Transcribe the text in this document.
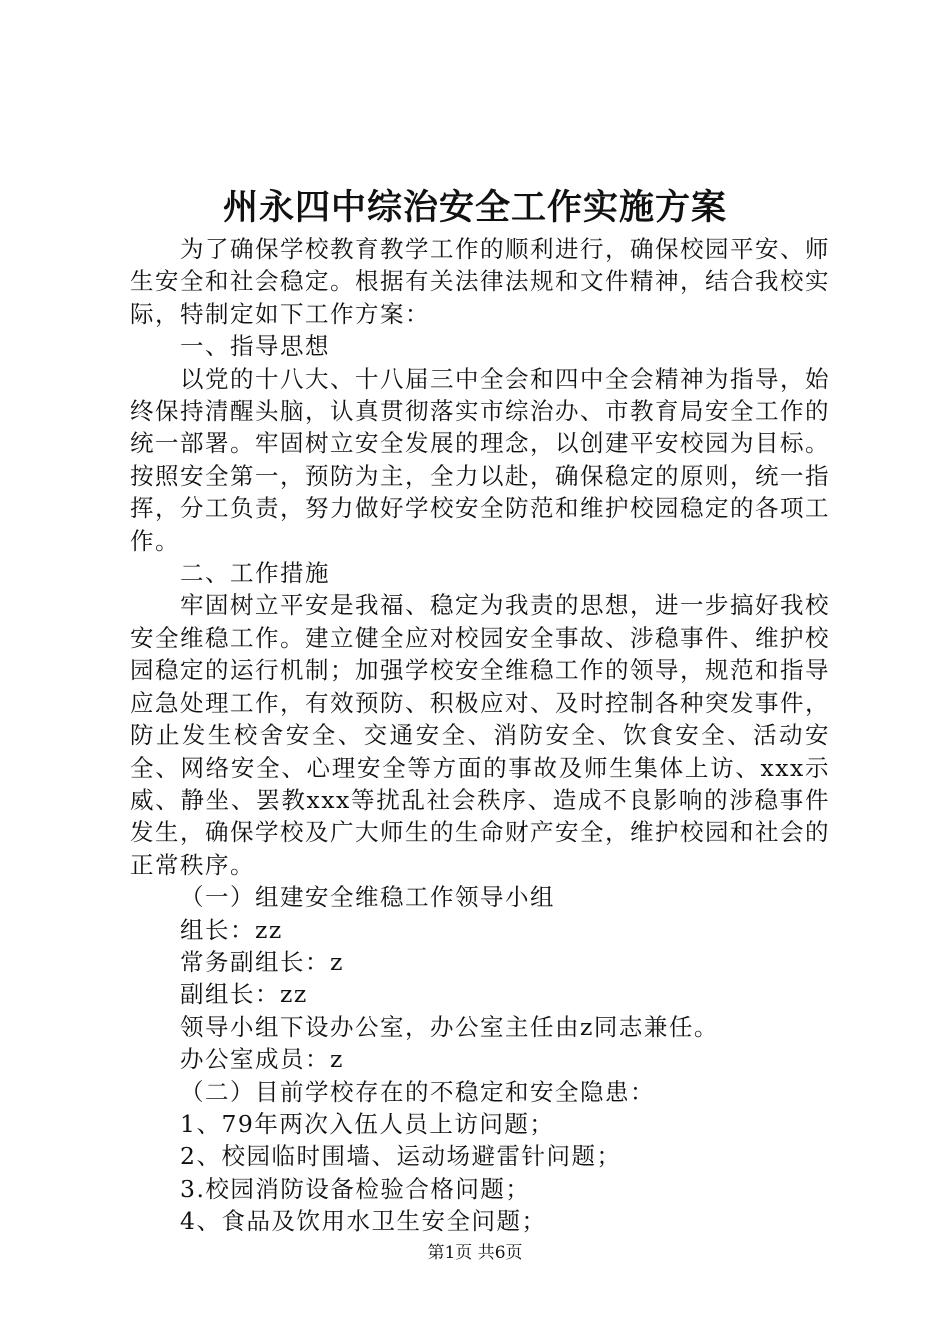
州永四中综治安全工作实施方案

为了确保学校教育教学工作的顺利进行，确保校园平安、师生安全和社会稳定。根据有关法律法规和文件精神，结合我校实际，特制定如下工作方案：

一、指导思想

以党的十八大、十八届三中全会和四中全会精神为指导，始终保持清醒头脑，认真贯彻落实市综治办、市教育局安全工作的统一部署。牢固树立安全发展的理念，以创建平安校园为目标。按照安全第一，预防为主，全力以赴，确保稳定的原则，统一指挥，分工负责，努力做好学校安全防范和维护校园稳定的各项工作。

二、工作措施

牢固树立平安是我福、稳定为我责的思想，进一步搞好我校安全维稳工作。建立健全应对校园安全事故、涉稳事件、维护校园稳定的运行机制；加强学校安全维稳工作的领导，规范和指导应急处理工作，有效预防、积极应对、及时控制各种突发事件，防止发生校舍安全、交通安全、消防安全、饮食安全、活动安全、网络安全、心理安全等方面的事故及师生集体上访、xxx示威、静坐、罢教xxx等扰乱社会秩序、造成不良影响的涉稳事件发生，确保学校及广大师生的生命财产安全，维护校园和社会的正常秩序。

（一）组建安全维稳工作领导小组

组长：zz

常务副组长：z

副组长：zz

领导小组下设办公室，办公室主任由z同志兼任。

办公室成员：z

（二）目前学校存在的不稳定和安全隐患：

1、79年两次入伍人员上访问题；

2、校园临时围墙、运动场避雷针问题；

3.校园消防设备检验合格问题；

4、食品及饮用水卫生安全问题；

第1页 共6页
